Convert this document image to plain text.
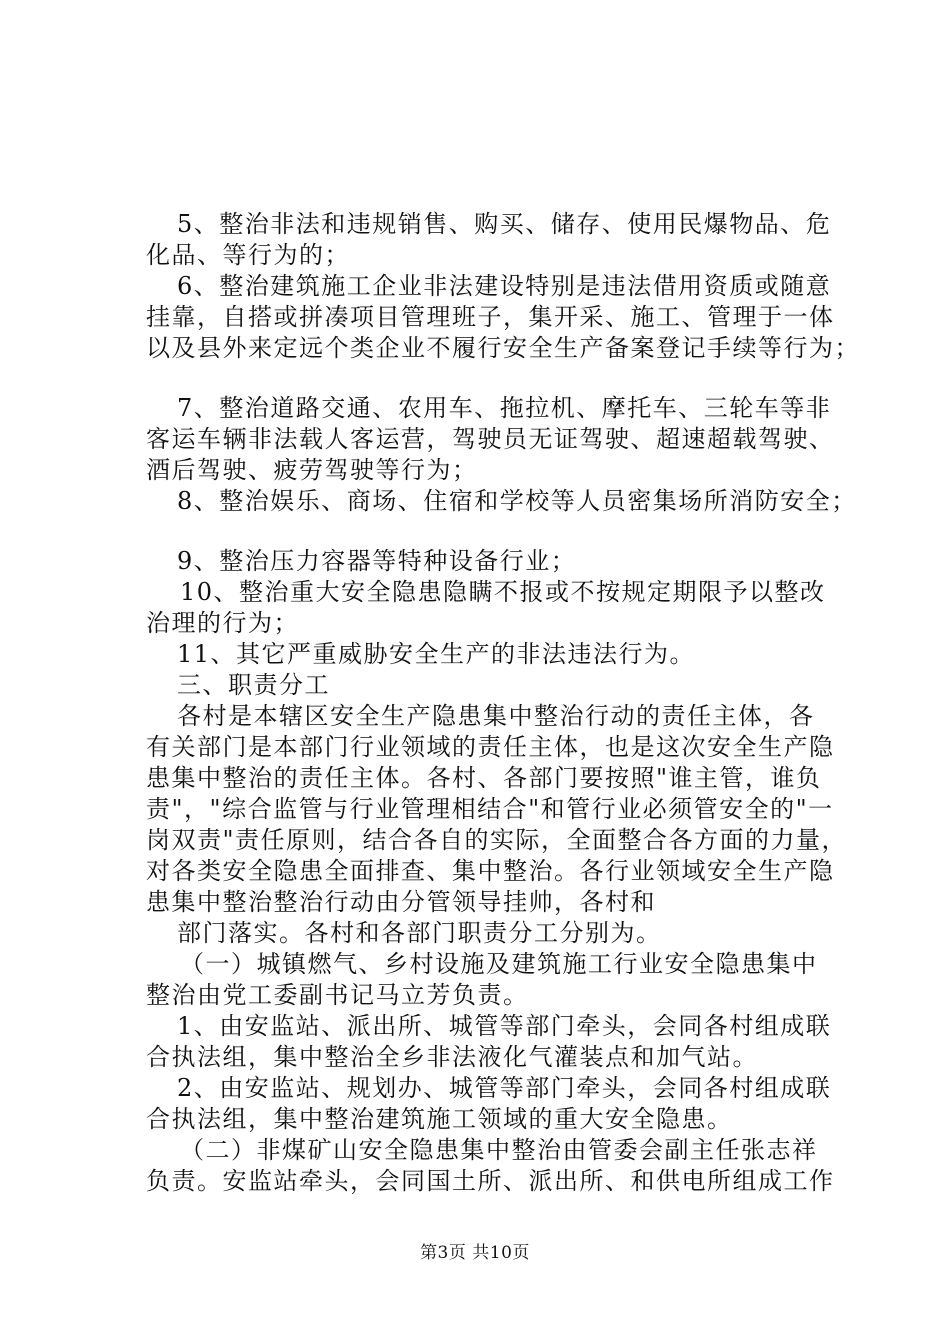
5、整治非法和违规销售、购买、储存、使用民爆物品、危
化品、等行为的；
6、整治建筑施工企业非法建设特别是违法借用资质或随意
挂靠，自搭或拼凑项目管理班子，集开采、施工、管理于一体
以及县外来定远个类企业不履行安全生产备案登记手续等行为；
7、整治道路交通、农用车、拖拉机、摩托车、三轮车等非
客运车辆非法载人客运营，驾驶员无证驾驶、超速超载驾驶、
酒后驾驶、疲劳驾驶等行为；
8、整治娱乐、商场、住宿和学校等人员密集场所消防安全；
9、整治压力容器等特种设备行业；
10、整治重大安全隐患隐瞒不报或不按规定期限予以整改
治理的行为；
11、其它严重威胁安全生产的非法违法行为。
三、职责分工
各村是本辖区安全生产隐患集中整治行动的责任主体，各
有关部门是本部门行业领域的责任主体，也是这次安全生产隐
患集中整治的责任主体。各村、各部门要按照"谁主管，谁负
责"，"综合监管与行业管理相结合"和管行业必须管安全的"一
岗双责"责任原则，结合各自的实际，全面整合各方面的力量，
对各类安全隐患全面排查、集中整治。各行业领域安全生产隐
患集中整治整治行动由分管领导挂帅，各村和
部门落实。各村和各部门职责分工分别为。
（一）城镇燃气、乡村设施及建筑施工行业安全隐患集中
整治由党工委副书记马立芳负责。
1、由安监站、派出所、城管等部门牵头，会同各村组成联
合执法组，集中整治全乡非法液化气灌装点和加气站。
2、由安监站、规划办、城管等部门牵头，会同各村组成联
合执法组，集中整治建筑施工领域的重大安全隐患。
（二）非煤矿山安全隐患集中整治由管委会副主任张志祥
负责。安监站牵头，会同国土所、派出所、和供电所组成工作
第3页 共10页
